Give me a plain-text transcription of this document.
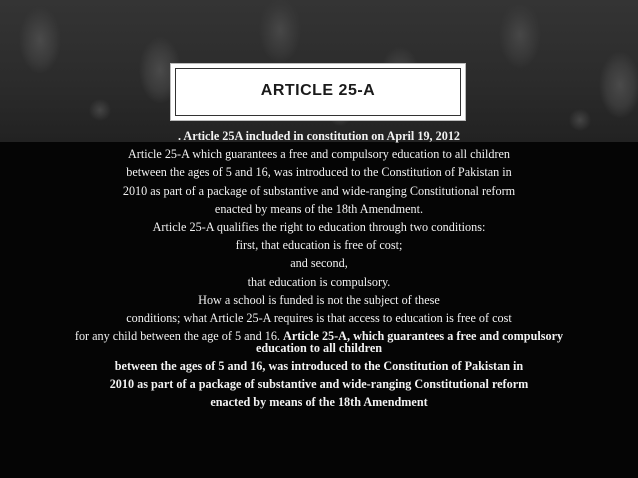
ARTICLE 25-A
. Article 25A included in constitution on April 19, 2012
Article 25-A which guarantees a free and compulsory education to all children
between the ages of 5 and 16, was introduced to the Constitution of Pakistan in
2010 as part of a package of substantive and wide-ranging Constitutional reform
enacted by means of the 18th Amendment.
Article 25-A qualifies the right to education through two conditions:
first, that education is free of cost;
and second,
that education is compulsory.
How a school is funded is not the subject of these
conditions; what Article 25-A requires is that access to education is free of cost
for any child between the age of 5 and 16. Article 25-A, which guarantees a free and compulsory
education to all children
between the ages of 5 and 16, was introduced to the Constitution of Pakistan in
2010 as part of a package of substantive and wide-ranging Constitutional reform
enacted by means of the 18th Amendment
